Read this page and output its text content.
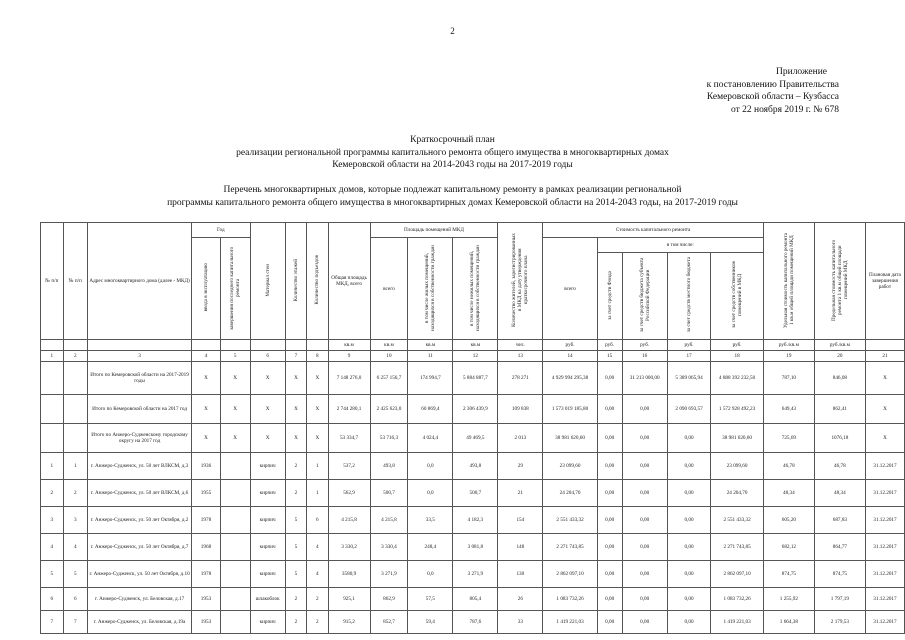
2
Приложение
к постановлению Правительства
Кемеровской области – Кузбасса
от 22 ноября 2019 г. № 678
Краткосрочный план
реализации региональной программы капитального ремонта общего имущества в многоквартирных домах
Кемеровской области на 2014-2043 годы на 2017-2019 годы
Перечень многоквартирных домов, которые подлежат капитальному ремонту в рамках реализации региональной
программы капитального ремонта общего имущества в многоквартирных домах Кемеровской области на 2014-2043 годы, на 2017-2019 годы
№ п/п	№ п/п	Адрес многоквартирного дома (далее - МКД)	Год		Материал стен	Количество этажей	Количество подъездов	Общая площадь МКД, всего	Площадь помещений МКД			Количество жителей, зарегистрированных в МКД на дату утверждения краткосрочного плана	Стоимость капитального ремонта					Удельная стоимость капитального ремонта 1 кв.м общей площади помещений МКД	Предельная стоимость капитального ремонта 1 кв.м общей площади помещений МКД	Плановая дата завершения работ
			ввода в эксплуатацию	завершения последнего капитального ремонта					всего	в том числе жилых помещений, находящихся в собственности граждан	в том числе нежилых помещений, находящихся в собственности граждан		всего	в том числе:						
														за счет средств Фонда	за счет средств бюджета субъекта Российской Федерации	за счет средств местного бюджета	за счет средств собственников помещений в МКД			
								кв.м	кв.м	кв.м	кв.м	чел.	руб.	руб.	руб.	руб.	руб.	руб./кв.м	руб./кв.м	
1	2	3	4	5	6	7	8	9	10	11	12	13	14	15	16	17	18	19	20	21
		Итого по Кемеровской области на 2017-2019 годы	X	X	X	X	X	7 148 276,0	6 257 156,7	174 994,7	5 884 887,7	278 271	4 929 994 295,38	0,00	31 213 000,00	5 389 065,94	4 888 392 232,50	787,10	846,08	X
		Итого по Кемеровской области на 2017 год	X	X	X	X	X	2 744 280,1	2 425 623,0	60 869,4	2 306 439,9	109 838	1 573 019 185,80	0,00	0,00	2 090 693,57	1 572 928 492,23	649,43	862,41	X
		Итого по Анжеро-Судженскому городскому округу на 2017 год	X	X	X	X	X	53 334,7	53 716,3	4 024,4	49 469,5	2 013	38 981 620,60	0,00	0,00	0,00	38 981 620,60	725,69	1076,18	X
1	1	г. Анжеро-Судженск, ул. 50 лет ВЛКСМ, д.3	1936		кирпич	2	1	537,2	493,8	0,0	493,8	29	23 099,60	0,00	0,00	0,00	23 099,60	46,78	46,78	31.12.2017
2	2	г. Анжеро-Судженск, ул. 50 лет ВЛКСМ, д.6	1955		кирпич	2	1	562,9	500,7	0,0	500,7	21	24 204,70	0,00	0,00	0,00	24 204,70	48,34	48,34	31.12.2017
3	3	г. Анжеро-Судженск, ул. 50 лет Октября, д.2	1978		кирпич	5	6	4 215,8	4 215,8	33,5	4 182,3	154	2 551 433,32	0,00	0,00	0,00	2 551 433,32	605,20	687,83	31.12.2017
4	4	г. Анжеро-Судженск, ул. 50 лет Октября, д.7	1968		кирпич	5	4	3 330,2	3 330,4	248,4	3 081,8	148	2 271 743,85	0,00	0,00	0,00	2 271 743,85	682,12	864,77	31.12.2017
5	5	г. Анжеро-Судженск, ул. 50 лет Октября, д.10	1978		кирпич	5	4	3580,9	3 271,9	0,0	3 271,9	130	2 862 097,10	0,00	0,00	0,00	2 862 097,10	874,75	874,75	31.12.2017
6	6	г. Анжеро-Судженск, ул. Беловская, д.17	1953		шлакоблок	2	2	925,1	862,9	57,5	805,4	26	1 083 732,26	0,00	0,00	0,00	1 083 732,26	1 255,92	1 797,19	31.12.2017
7	7	г. Анжеро-Судженск, ул. Беловская, д.19а	1953		кирпич	2	2	915,2	852,7	59,4	787,6	33	1 419 221,03	0,00	0,00	0,00	1 419 221,03	1 664,38	2 179,53	31.12.2017
